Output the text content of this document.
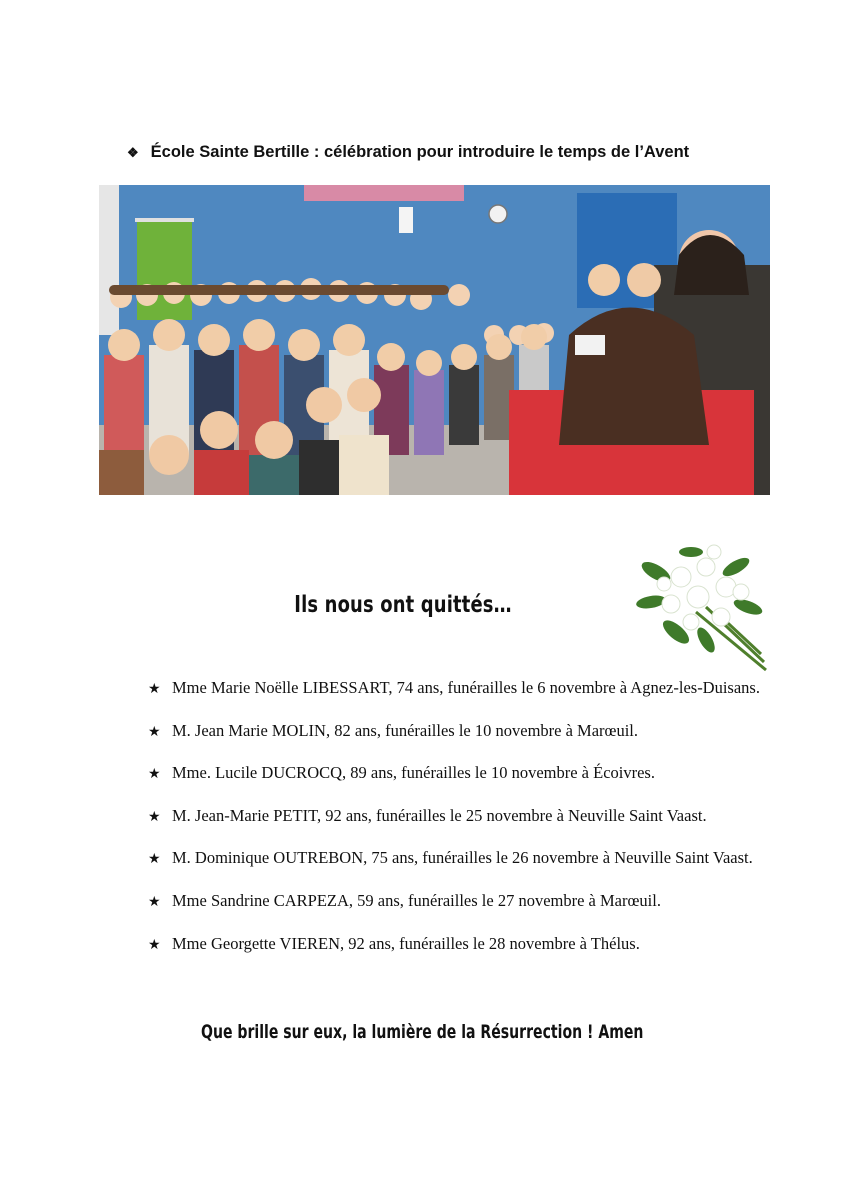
❖ École Sainte Bertille : célébration pour introduire le temps de l’Avent
Ils nous ont quittés…
★ Mme Marie Noëlle LIBESSART, 74 ans, funérailles le 6 novembre à Agnez-les-Duisans.
★ M. Jean Marie MOLIN, 82 ans, funérailles le 10 novembre à Marœuil.
★ Mme. Lucile DUCROCQ, 89 ans, funérailles le 10 novembre à Écoivres.
★ M. Jean-Marie PETIT, 92 ans, funérailles le 25 novembre à Neuville Saint Vaast.
★ M. Dominique OUTREBON, 75 ans, funérailles le 26 novembre à Neuville Saint Vaast.
★ Mme Sandrine CARPEZA, 59 ans, funérailles le 27 novembre à Marœuil.
★ Mme Georgette VIEREN, 92 ans, funérailles le 28 novembre à Thélus.
Que brille sur eux, la lumière de la Résurrection ! Amen
